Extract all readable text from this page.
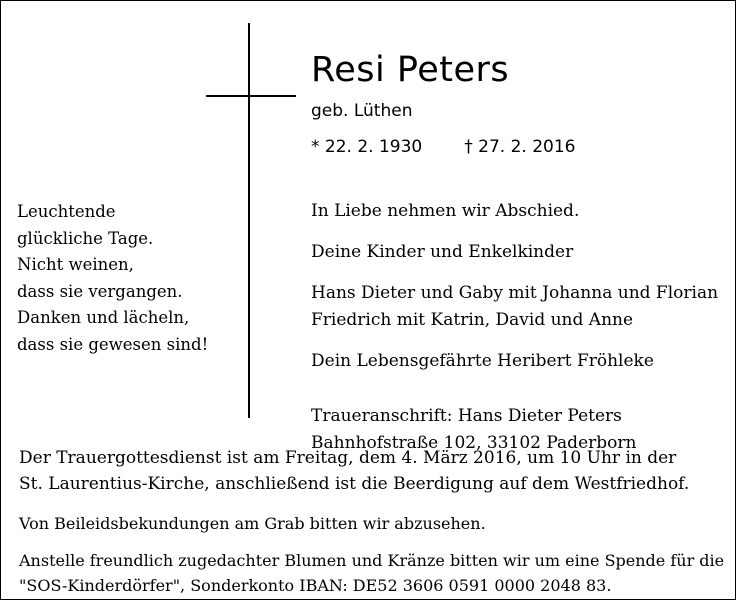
Resi Peters
geb. Lüthen
* 22. 2. 1930 † 27. 2. 2016
Leuchtende
glückliche Tage.
Nicht weinen,
dass sie vergangen.
Danken und lächeln,
dass sie gewesen sind!

In Liebe nehmen wir Abschied.

Deine Kinder und Enkelkinder

Hans Dieter und Gaby mit Johanna und Florian

Friedrich mit Katrin, David und Anne

Dein Lebensgefährte Heribert Fröhleke

Traueranschrift: Hans Dieter Peters

Bahnhofstraße 102, 33102 Paderborn

Der Trauergottesdienst ist am Freitag, dem 4. März 2016, um 10 Uhr in der
St. Laurentius-Kirche, anschließend ist die Beerdigung auf dem Westfriedhof.
Von Beileidsbekundungen am Grab bitten wir abzusehen.
Anstelle freundlich zugedachter Blumen und Kränze bitten wir um eine Spende für die
"SOS-Kinderdörfer", Sonderkonto IBAN: DE52 3606 0591 0000 2048 83.
